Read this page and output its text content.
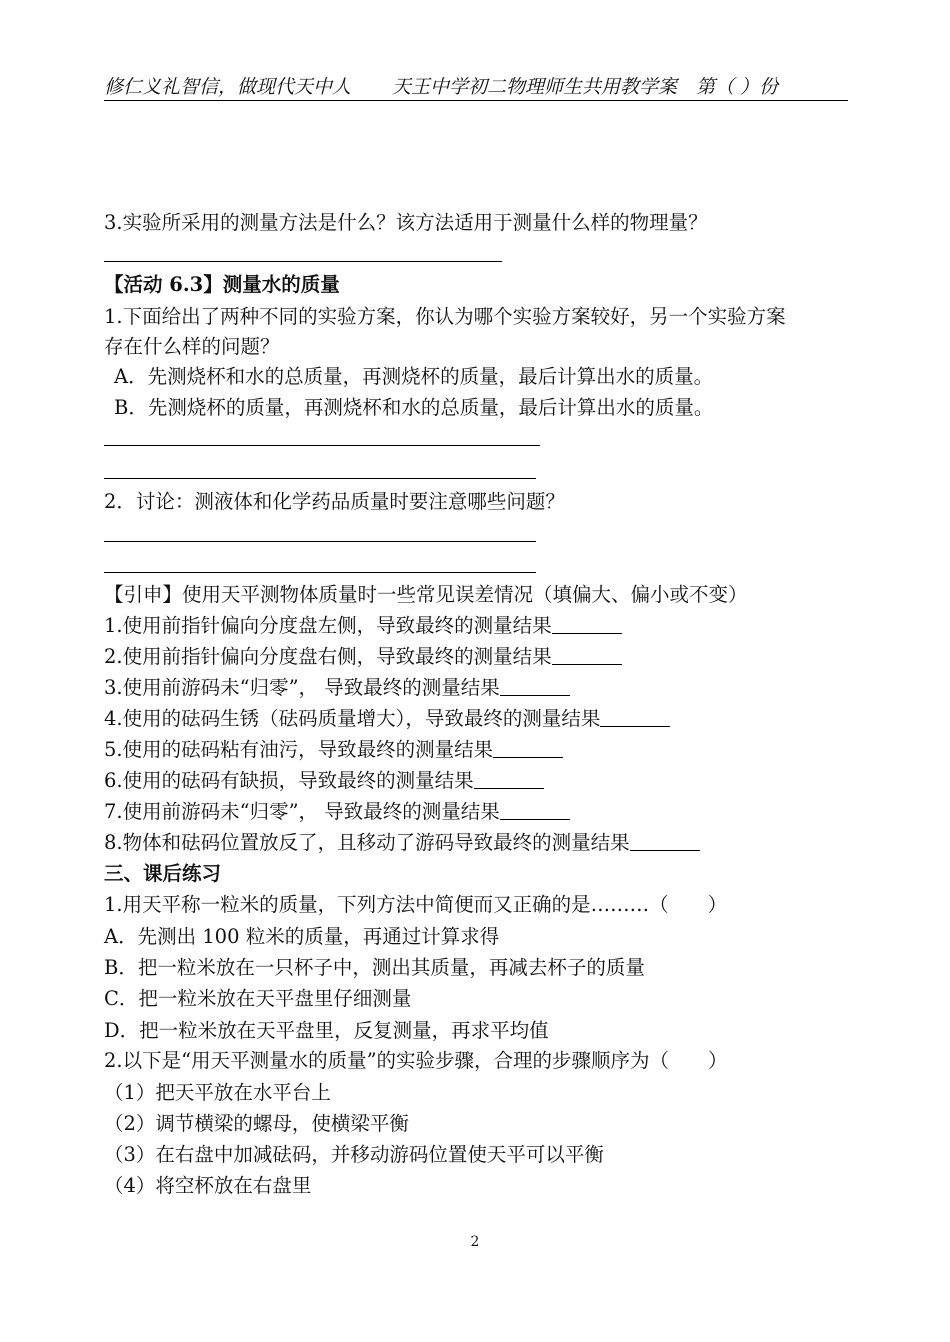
修仁义礼智信，做现代天中人 天王中学初二物理师生共用教学案　第（ ）份
3.实验所采用的测量方法是什么？该方法适用于测量什么样的物理量？
【活动 6.3】测量水的质量
1.下面给出了两种不同的实验方案，你认为哪个实验方案较好，另一个实验方案
存在什么样的问题？
A．先测烧杯和水的总质量，再测烧杯的质量，最后计算出水的质量。
B．先测烧杯的质量，再测烧杯和水的总质量，最后计算出水的质量。
2．讨论：测液体和化学药品质量时要注意哪些问题？
【引申】使用天平测物体质量时一些常见误差情况（填偏大、偏小或不变）
1.使用前指针偏向分度盘左侧，导致最终的测量结果
2.使用前指针偏向分度盘右侧，导致最终的测量结果
3.使用前游码未“归零”， 导致最终的测量结果
4.使用的砝码生锈（砝码质量增大），导致最终的测量结果
5.使用的砝码粘有油污，导致最终的测量结果
6.使用的砝码有缺损，导致最终的测量结果
7.使用前游码未“归零”， 导致最终的测量结果
8.物体和砝码位置放反了，且移动了游码导致最终的测量结果
三、课后练习
1.用天平称一粒米的质量，下列方法中简便而又正确的是………（　　）
A．先测出 100 粒米的质量，再通过计算求得
B．把一粒米放在一只杯子中，测出其质量，再减去杯子的质量
C．把一粒米放在天平盘里仔细测量
D．把一粒米放在天平盘里，反复测量，再求平均值
2.以下是“用天平测量水的质量”的实验步骤，合理的步骤顺序为（　　）
（1）把天平放在水平台上
（2）调节横梁的螺母，使横梁平衡
（3）在右盘中加减砝码，并移动游码位置使天平可以平衡
（4）将空杯放在右盘里
2
